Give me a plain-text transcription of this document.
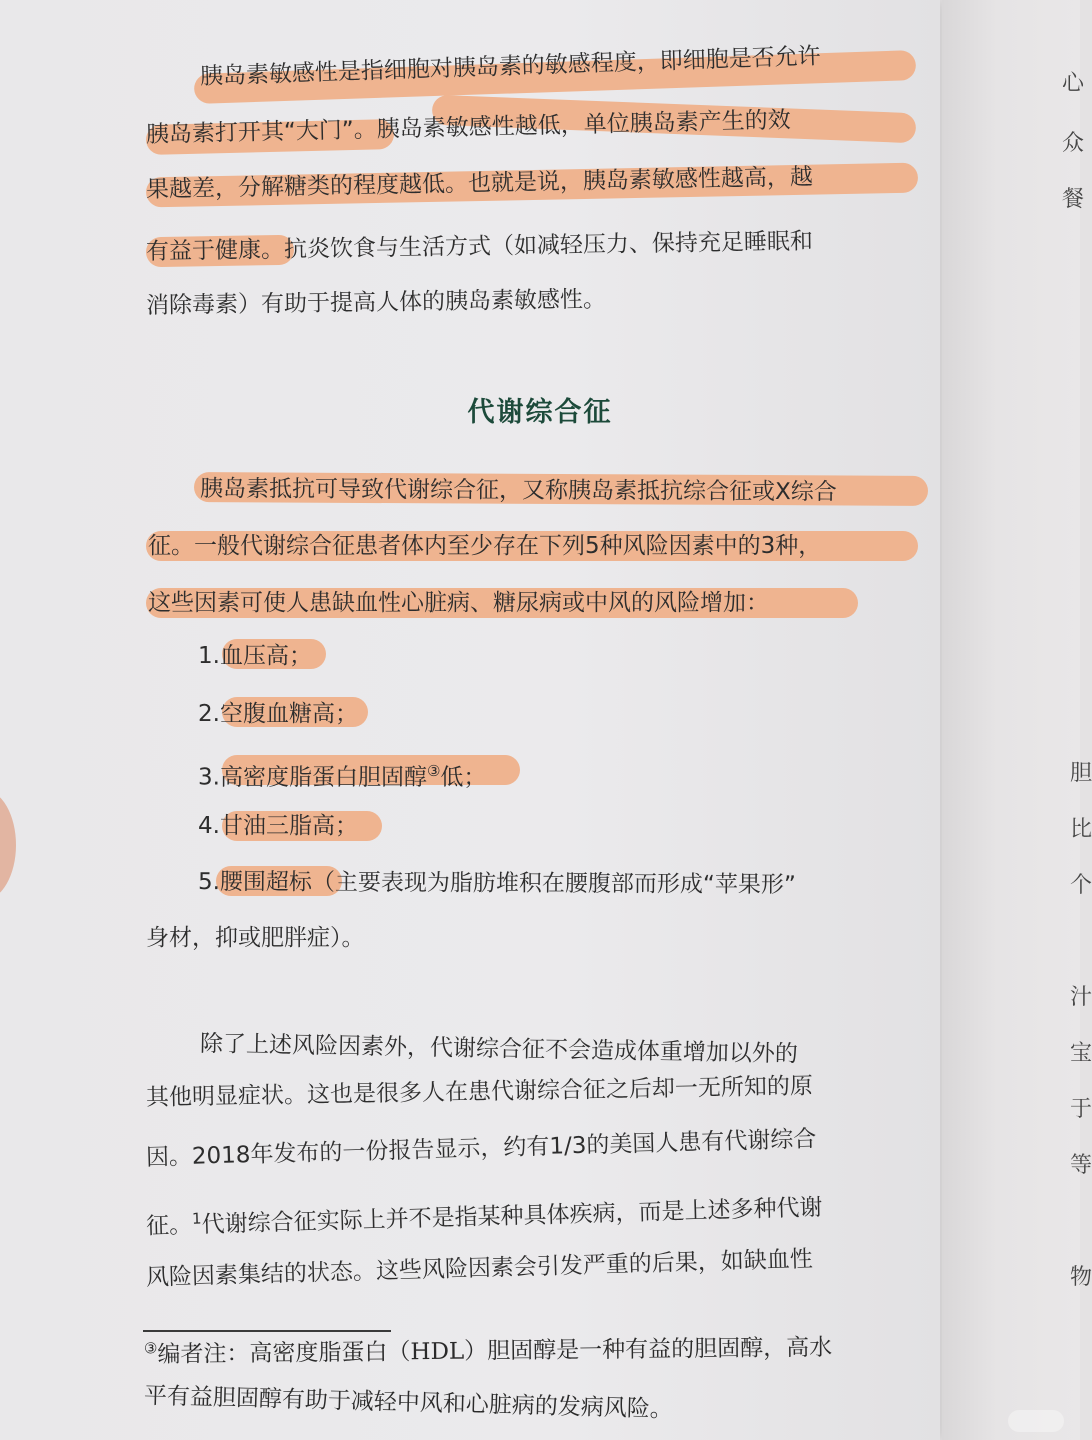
心
众
餐
胆
比
个
汁
宝
于
等
物
胰岛素敏感性是指细胞对胰岛素的敏感程度，即细胞是否允许
胰岛素打开其“大门”。胰岛素敏感性越低，单位胰岛素产生的效
果越差，分解糖类的程度越低。也就是说，胰岛素敏感性越高，越
有益于健康。抗炎饮食与生活方式（如减轻压力、保持充足睡眠和
消除毒素）有助于提高人体的胰岛素敏感性。
代谢综合征
胰岛素抵抗可导致代谢综合征，又称胰岛素抵抗综合征或X综合
征。一般代谢综合征患者体内至少存在下列5种风险因素中的3种，
这些因素可使人患缺血性心脏病、糖尿病或中风的风险增加：
1.血压高；
2.空腹血糖高；
3.高密度脂蛋白胆固醇③低；
4.甘油三脂高；
5.腰围超标（主要表现为脂肪堆积在腰腹部而形成“苹果形”
身材，抑或肥胖症）。
除了上述风险因素外，代谢综合征不会造成体重增加以外的
其他明显症状。这也是很多人在患代谢综合征之后却一无所知的原
因。2018年发布的一份报告显示，约有1/3的美国人患有代谢综合
征。$^1$代谢综合征实际上并不是指某种具体疾病，而是上述多种代谢
风险因素集结的状态。这些风险因素会引发严重的后果，如缺血性
③编者注：高密度脂蛋白（HDL）胆固醇是一种有益的胆固醇，高水
平有益胆固醇有助于减轻中风和心脏病的发病风险。
